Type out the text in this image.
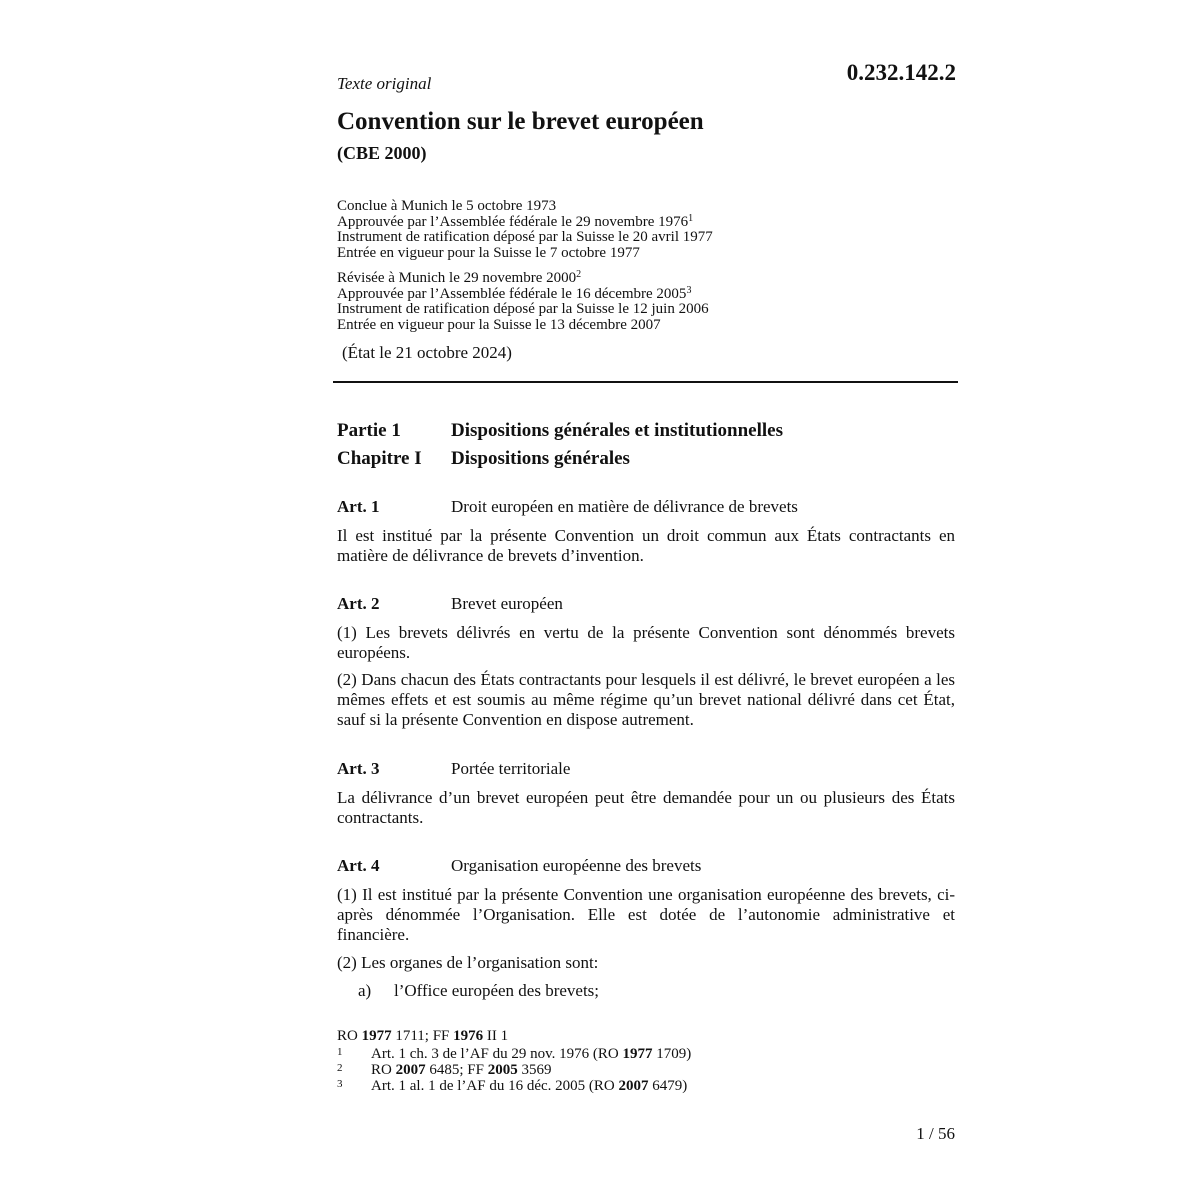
Texte original	0.232.142.2
Convention sur le brevet européen
(CBE 2000)
Conclue à Munich le 5 octobre 1973
Approuvée par l’Assemblée fédérale le 29 novembre 1976$^1$
Instrument de ratification déposé par la Suisse le 20 avril 1977
Entrée en vigueur pour la Suisse le 7 octobre 1977
Révisée à Munich le 29 novembre 2000$^2$
Approuvée par l’Assemblée fédérale le 16 décembre 2005$^3$
Instrument de ratification déposé par la Suisse le 12 juin 2006
Entrée en vigueur pour la Suisse le 13 décembre 2007
(État le 21 octobre 2024)
Partie 1	Dispositions générales et institutionnelles
Chapitre I Dispositions générales
Art. 1	Droit européen en matière de délivrance de brevets
Il est institué par la présente Convention un droit commun aux États contractants en matière de délivrance de brevets d’invention.
Art. 2	Brevet européen
(1) Les brevets délivrés en vertu de la présente Convention sont dénommés brevets européens.
(2) Dans chacun des États contractants pour lesquels il est délivré, le brevet européen a les mêmes effets et est soumis au même régime qu’un brevet national délivré dans cet État, sauf si la présente Convention en dispose autrement.
Art. 3	Portée territoriale
La délivrance d’un brevet européen peut être demandée pour un ou plusieurs des États contractants.
Art. 4	Organisation européenne des brevets
(1) Il est institué par la présente Convention une organisation européenne des brevets, ci-après dénommée l’Organisation. Elle est dotée de l’autonomie administrative et financière.
(2) Les organes de l’organisation sont:
a) l’Office européen des brevets;
RO 1977 1711; FF 1976 II 1
1 Art. 1 ch. 3 de l’AF du 29 nov. 1976 (RO 1977 1709)
2 RO 2007 6485; FF 2005 3569
3 Art. 1 al. 1 de l’AF du 16 déc. 2005 (RO 2007 6479)
1 / 56
